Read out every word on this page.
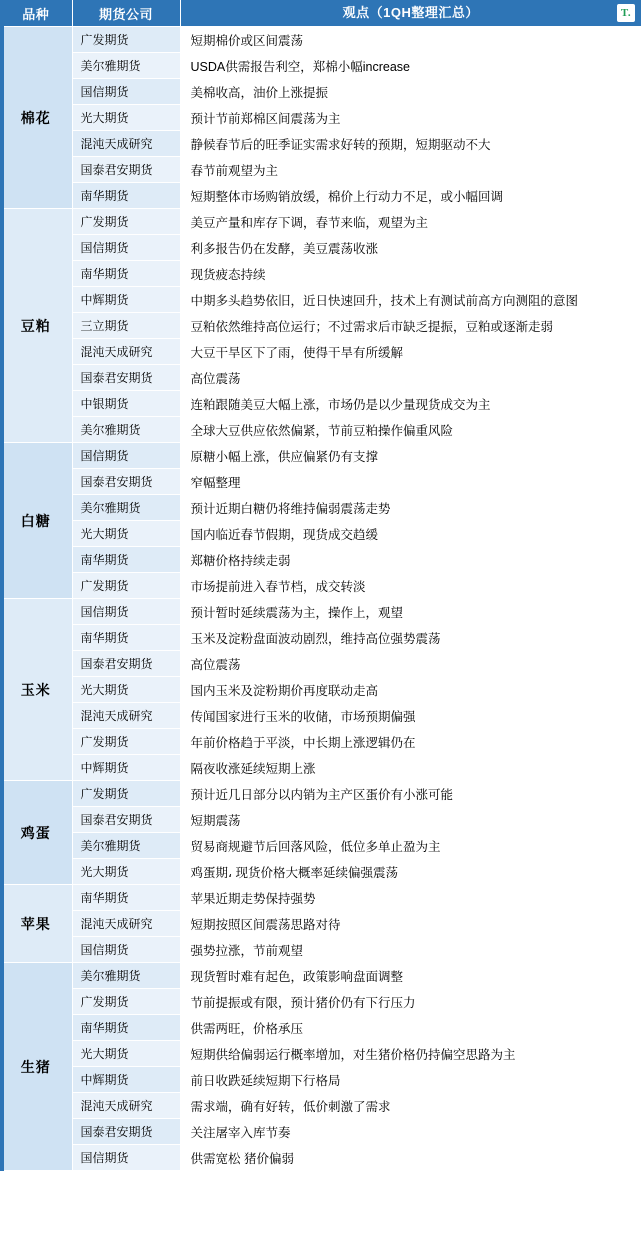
品种	期货公司	观点（1QH整理汇总） T.

棉花	广发期货	短期棉价或区间震荡
	美尔雅期货	USDA供需报告利空，郑棉小幅increase
	国信期货	美棉收高，油价上涨提振
	光大期货	预计节前郑棉区间震荡为主
	混沌天成研究	静候春节后的旺季证实需求好转的预期，短期驱动不大
	国泰君安期货	春节前观望为主
	南华期货	短期整体市场购销放缓，棉价上行动力不足，或小幅回调
豆粕	广发期货	美豆产量和库存下调，春节来临，观望为主
	国信期货	利多报告仍在发酵，美豆震荡收涨
	南华期货	现货疲态持续
	中辉期货	中期多头趋势依旧，近日快速回升，技术上有测试前高方向测阻的意图
	三立期货	豆粕依然维持高位运行；不过需求后市缺乏提振，豆粕或逐渐走弱
	混沌天成研究	大豆干旱区下了雨，使得干旱有所缓解
	国泰君安期货	高位震荡
	中银期货	连粕跟随美豆大幅上涨，市场仍是以少量现货成交为主
	美尔雅期货	全球大豆供应依然偏紧，节前豆粕操作偏重风险
白糖	国信期货	原糖小幅上涨，供应偏紧仍有支撑
	国泰君安期货	窄幅整理
	美尔雅期货	预计近期白糖仍将维持偏弱震荡走势
	光大期货	国内临近春节假期，现货成交趋缓
	南华期货	郑糖价格持续走弱
	广发期货	市场提前进入春节档，成交转淡
玉米	国信期货	预计暂时延续震荡为主，操作上，观望
	南华期货	玉米及淀粉盘面波动剧烈，维持高位强势震荡
	国泰君安期货	高位震荡
	光大期货	国内玉米及淀粉期价再度联动走高
	混沌天成研究	传闻国家进行玉米的收储，市场预期偏强
	广发期货	年前价格趋于平淡，中长期上涨逻辑仍在
	中辉期货	隔夜收涨延续短期上涨
鸡蛋	广发期货	预计近几日部分以内销为主产区蛋价有小涨可能
	国泰君安期货	短期震荡
	美尔雅期货	贸易商规避节后回落风险，低位多单止盈为主
	光大期货	鸡蛋期، 现货价格大概率延续偏强震荡
苹果	南华期货	苹果近期走势保持强势
	混沌天成研究	短期按照区间震荡思路对待
	国信期货	强势拉涨，节前观望
生猪	美尔雅期货	现货暂时难有起色，政策影响盘面调整
	广发期货	节前提振或有限，预计猪价仍有下行压力
	南华期货	供需两旺，价格承压
	光大期货	短期供给偏弱运行概率增加，对生猪价格仍持偏空思路为主
	中辉期货	前日收跌延续短期下行格局
	混沌天成研究	需求端，确有好转，低价刺激了需求
	国泰君安期货	关注屠宰入库节奏
	国信期货	供需宽松 猪价偏弱
